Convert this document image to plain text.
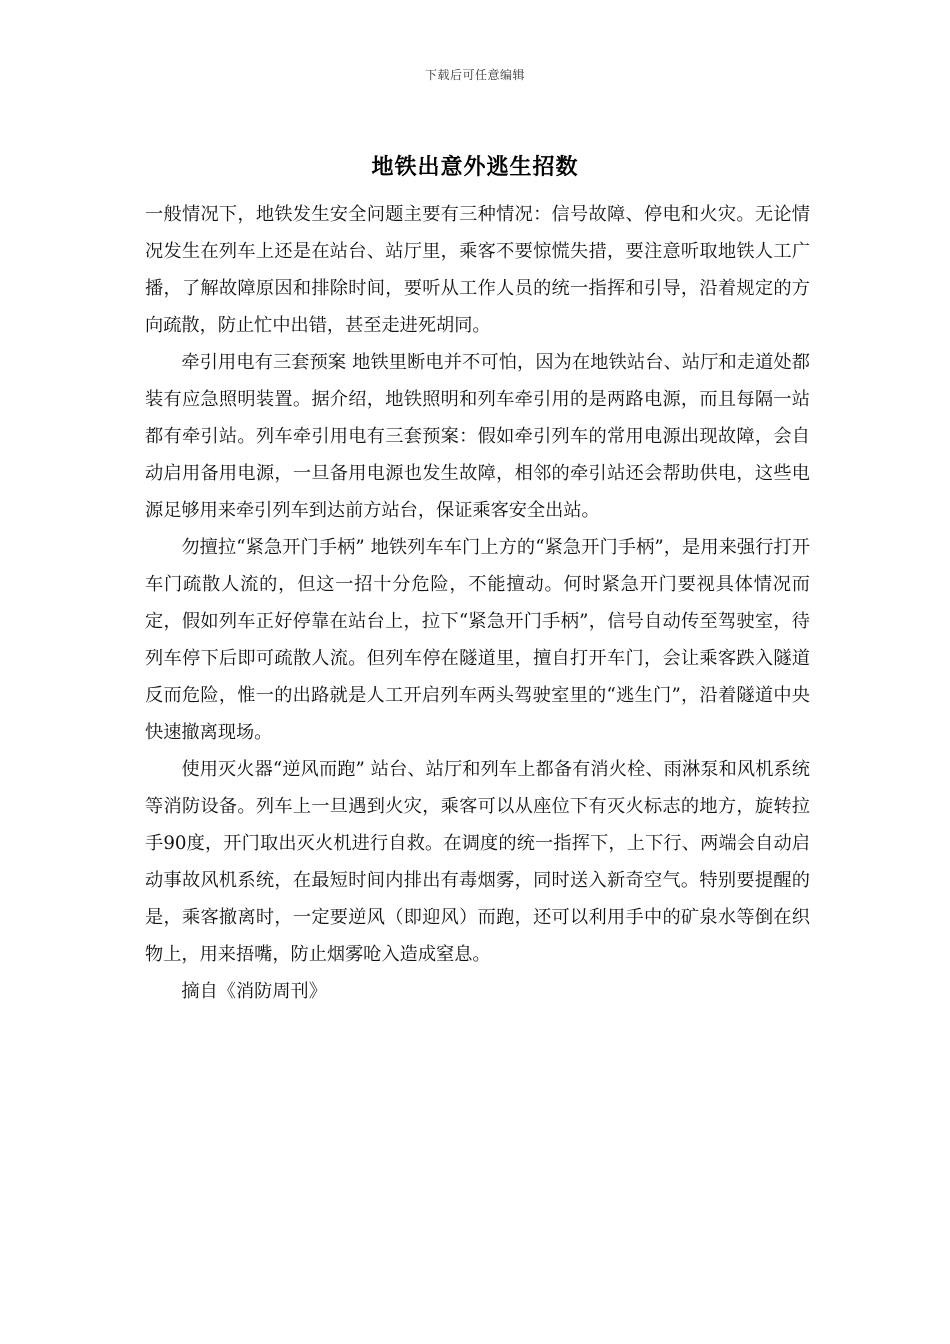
下载后可任意编辑
地铁出意外逃生招数

一般情况下，地铁发生安全问题主要有三种情况：信号故障、停电和火灾。无论情况发生在列车上还是在站台、站厅里，乘客不要惊慌失措，要注意听取地铁人工广播，了解故障原因和排除时间，要听从工作人员的统一指挥和引导，沿着规定的方向疏散，防止忙中出错，甚至走进死胡同。

牵引用电有三套预案 地铁里断电并不可怕，因为在地铁站台、站厅和走道处都装有应急照明装置。据介绍，地铁照明和列车牵引用的是两路电源，而且每隔一站都有牵引站。列车牵引用电有三套预案：假如牵引列车的常用电源出现故障，会自动启用备用电源，一旦备用电源也发生故障，相邻的牵引站还会帮助供电，这些电源足够用来牵引列车到达前方站台，保证乘客安全出站。

勿擅拉“紧急开门手柄” 地铁列车车门上方的“紧急开门手柄”，是用来强行打开车门疏散人流的，但这一招十分危险，不能擅动。何时紧急开门要视具体情况而定，假如列车正好停靠在站台上，拉下“紧急开门手柄”，信号自动传至驾驶室，待列车停下后即可疏散人流。但列车停在隧道里，擅自打开车门，会让乘客跌入隧道反而危险，惟一的出路就是人工开启列车两头驾驶室里的“逃生门”，沿着隧道中央快速撤离现场。

使用灭火器“逆风而跑” 站台、站厅和列车上都备有消火栓、雨淋泵和风机系统等消防设备。列车上一旦遇到火灾，乘客可以从座位下有灭火标志的地方，旋转拉手90度，开门取出灭火机进行自救。在调度的统一指挥下，上下行、两端会自动启动事故风机系统，在最短时间内排出有毒烟雾，同时送入新奇空气。特别要提醒的是，乘客撤离时，一定要逆风（即迎风）而跑，还可以利用手中的矿泉水等倒在织物上，用来捂嘴，防止烟雾呛入造成窒息。

摘自《消防周刊》
